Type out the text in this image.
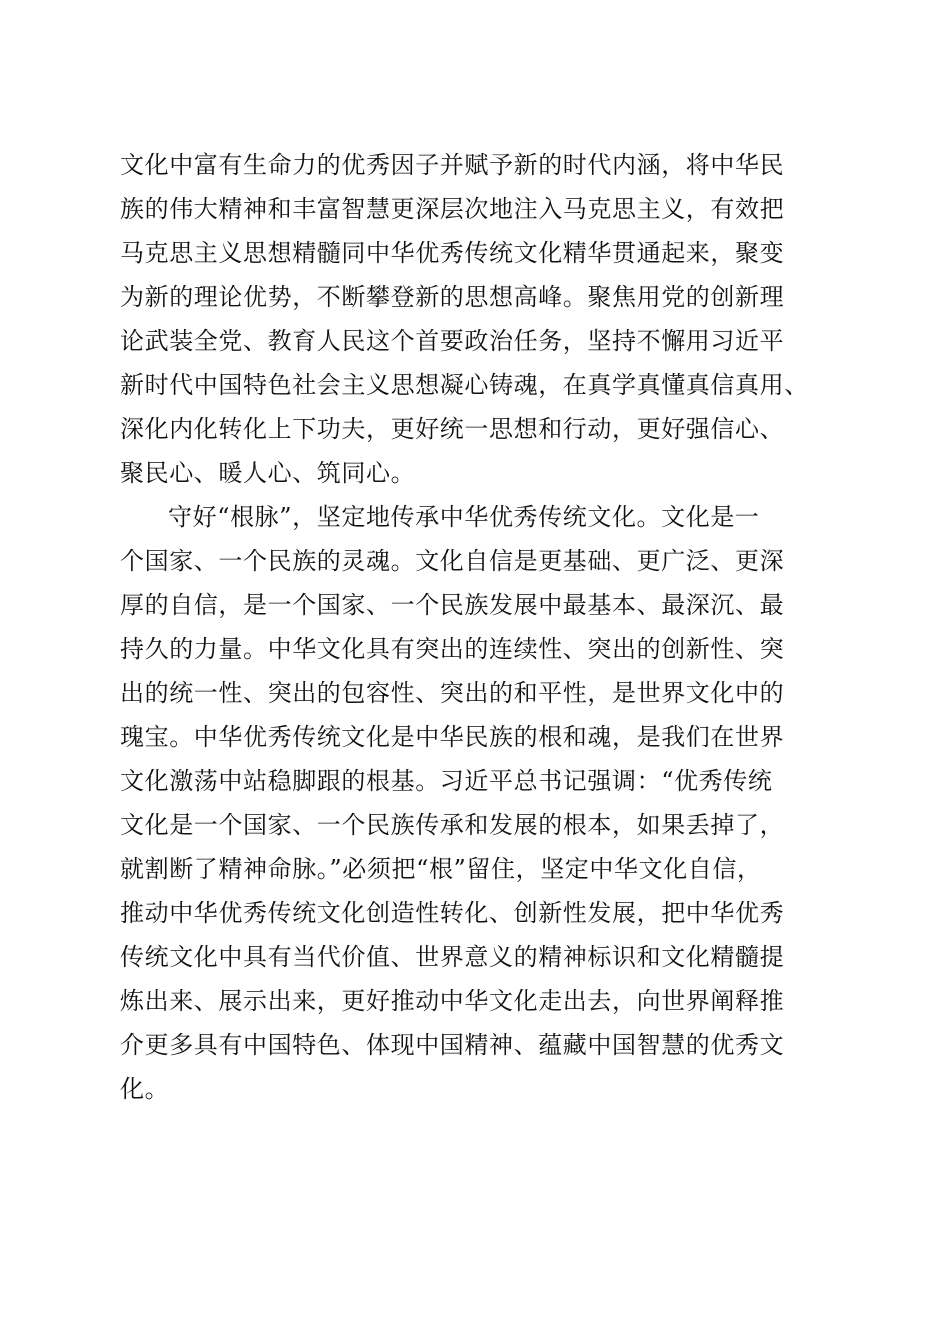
文化中富有生命力的优秀因子并赋予新的时代内涵，将中华民
族的伟大精神和丰富智慧更深层次地注入马克思主义，有效把
马克思主义思想精髓同中华优秀传统文化精华贯通起来，聚变
为新的理论优势，不断攀登新的思想高峰。聚焦用党的创新理
论武装全党、教育人民这个首要政治任务，坚持不懈用习近平
新时代中国特色社会主义思想凝心铸魂，在真学真懂真信真用、
深化内化转化上下功夫，更好统一思想和行动，更好强信心、
聚民心、暖人心、筑同心。
守好“根脉”，坚定地传承中华优秀传统文化。文化是一
个国家、一个民族的灵魂。文化自信是更基础、更广泛、更深
厚的自信，是一个国家、一个民族发展中最基本、最深沉、最
持久的力量。中华文化具有突出的连续性、突出的创新性、突
出的统一性、突出的包容性、突出的和平性，是世界文化中的
瑰宝。中华优秀传统文化是中华民族的根和魂，是我们在世界
文化激荡中站稳脚跟的根基。习近平总书记强调：“优秀传统
文化是一个国家、一个民族传承和发展的根本，如果丢掉了，
就割断了精神命脉。”必须把“根”留住，坚定中华文化自信，
推动中华优秀传统文化创造性转化、创新性发展，把中华优秀
传统文化中具有当代价值、世界意义的精神标识和文化精髓提
炼出来、展示出来，更好推动中华文化走出去，向世界阐释推
介更多具有中国特色、体现中国精神、蕴藏中国智慧的优秀文
化。
